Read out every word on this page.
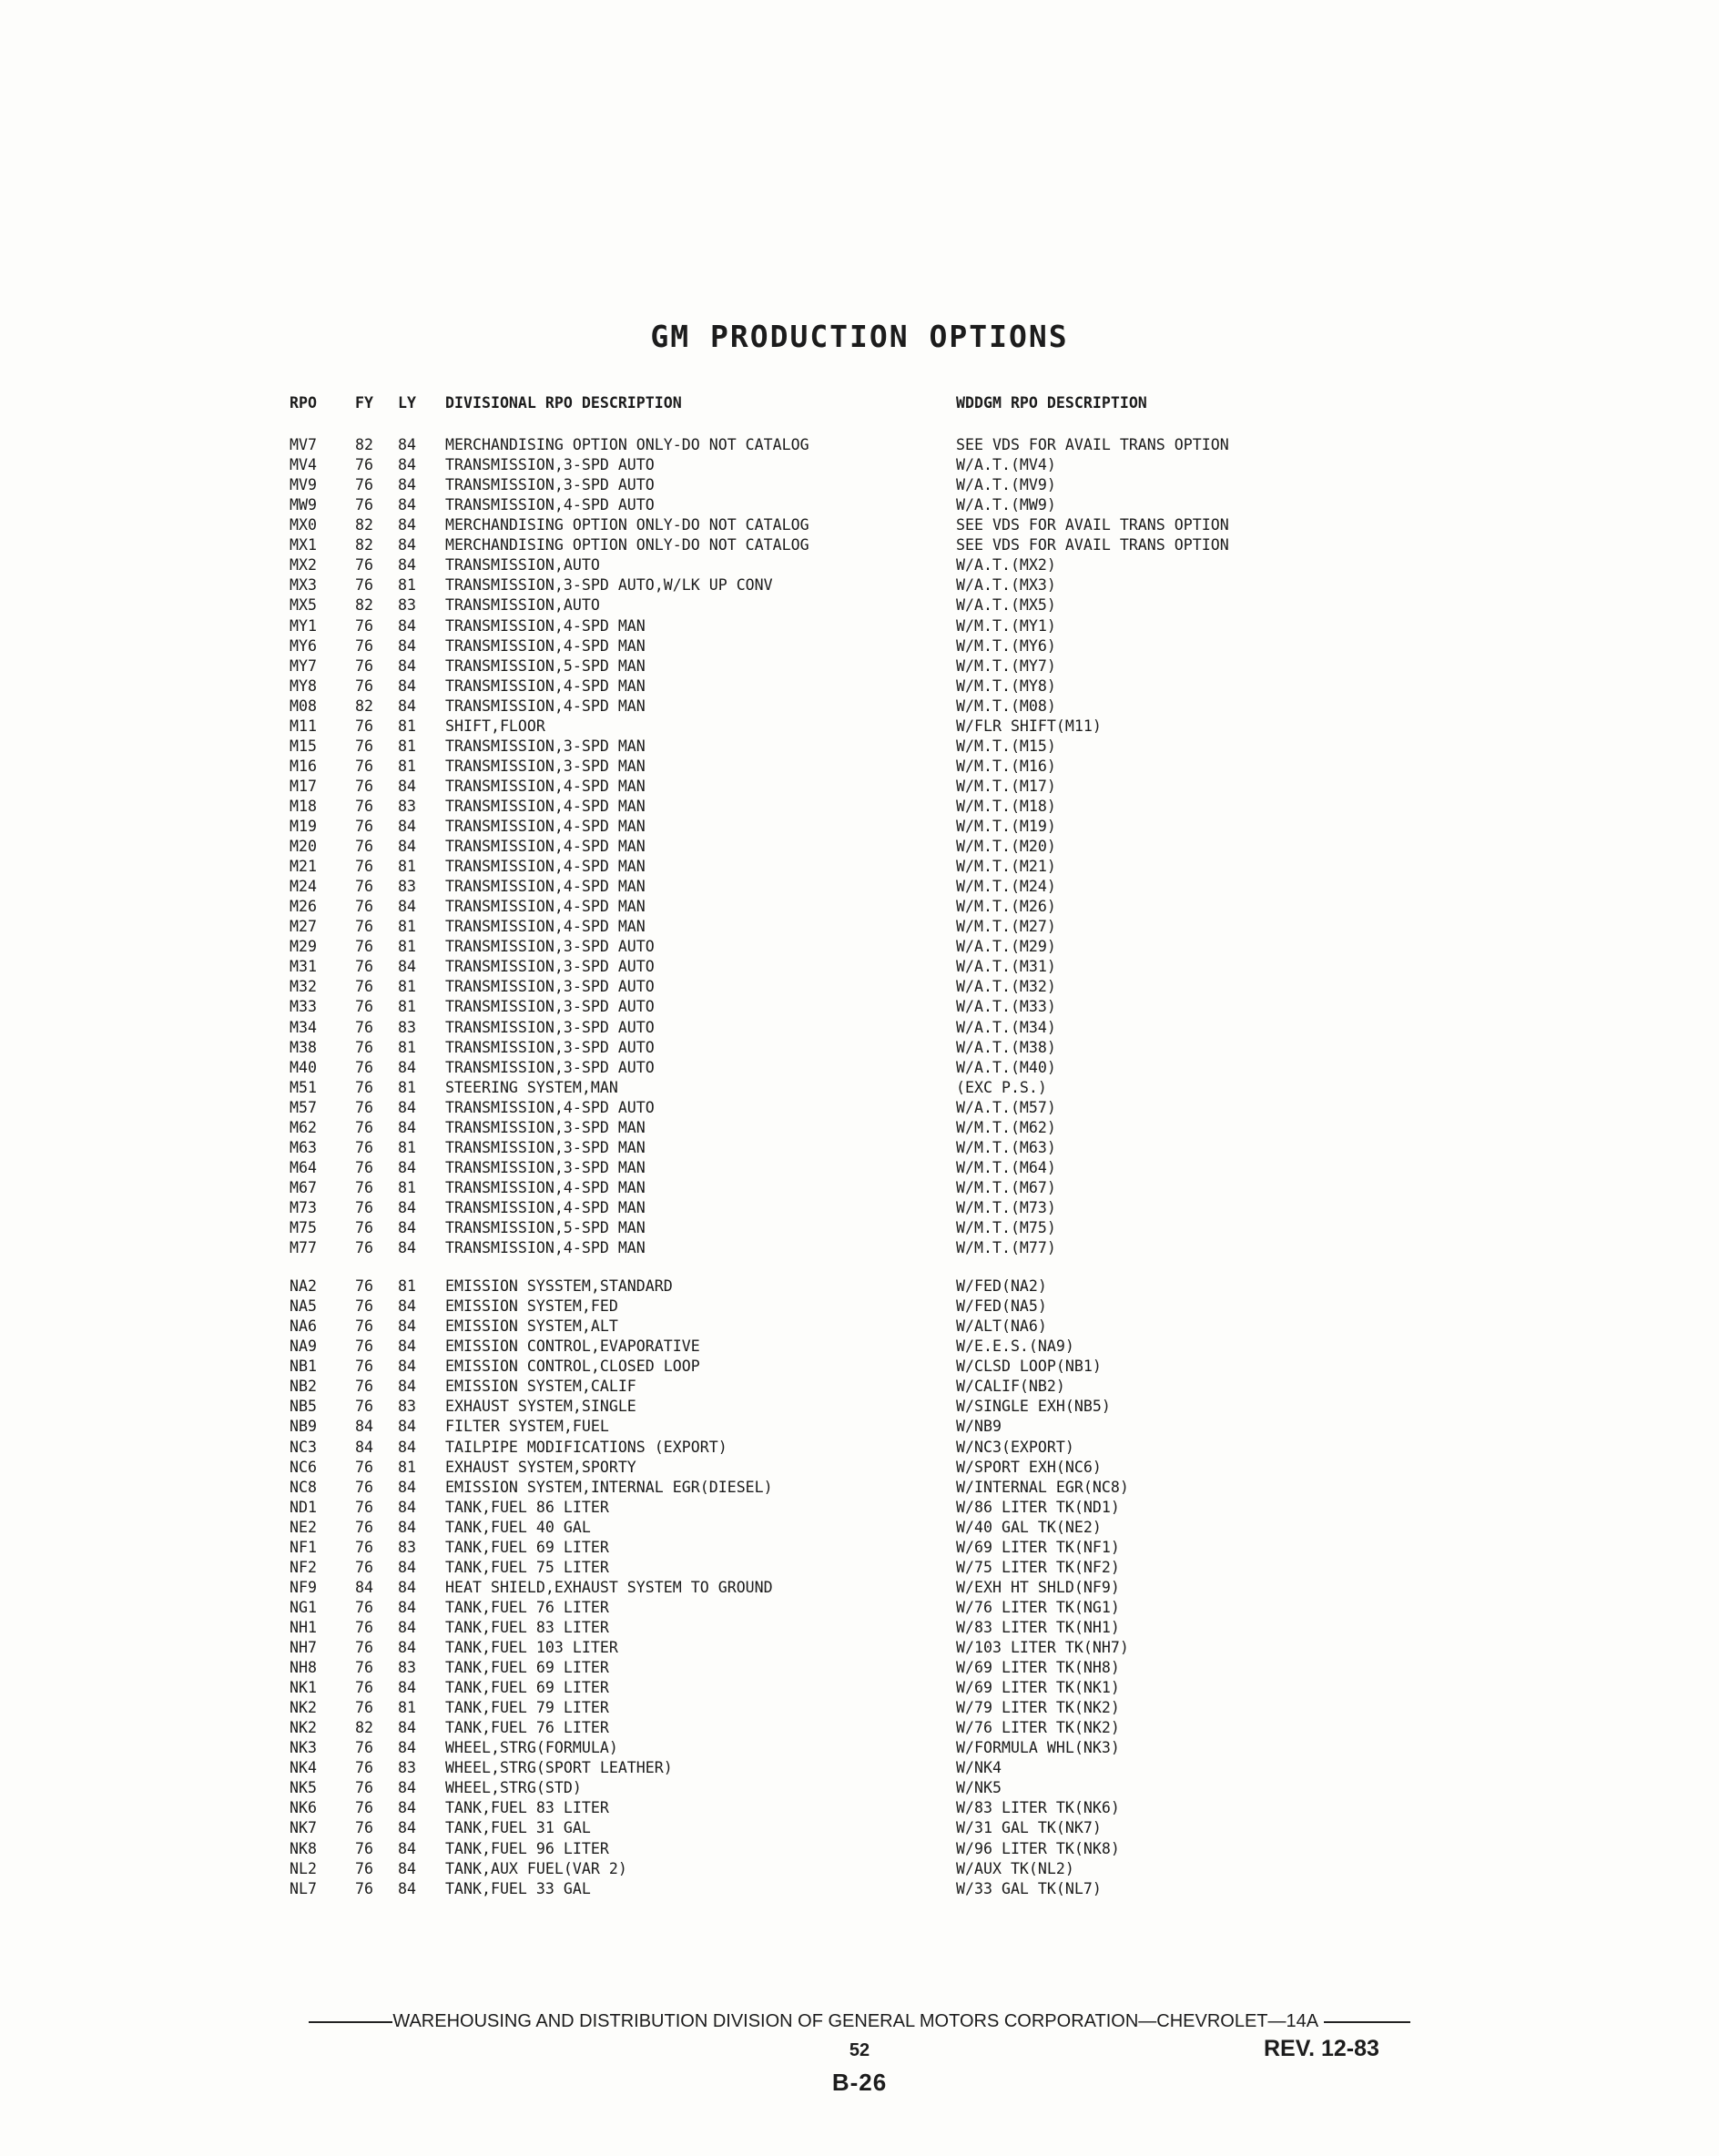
GM PRODUCTION OPTIONS
RPO	FY LY DIVISIONAL RPO DESCRIPTION	WDDGM RPO DESCRIPTION
MV7	82 84 MERCHANDISING OPTION ONLY-DO NOT CATALOG	SEE VDS FOR AVAIL TRANS OPTION
MV4	76 84 TRANSMISSION,3-SPD AUTO	W/A.T.(MV4)
MV9	76 84 TRANSMISSION,3-SPD AUTO	W/A.T.(MV9)
MW9	76 84 TRANSMISSION,4-SPD AUTO	W/A.T.(MW9)
MX0	82 84 MERCHANDISING OPTION ONLY-DO NOT CATALOG	SEE VDS FOR AVAIL TRANS OPTION
MX1	82 84 MERCHANDISING OPTION ONLY-DO NOT CATALOG	SEE VDS FOR AVAIL TRANS OPTION
MX2	76 84 TRANSMISSION,AUTO	W/A.T.(MX2)
MX3	76 81 TRANSMISSION,3-SPD AUTO,W/LK UP CONV	W/A.T.(MX3)
MX5	82 83 TRANSMISSION,AUTO	W/A.T.(MX5)
MY1	76 84 TRANSMISSION,4-SPD MAN	W/M.T.(MY1)
MY6	76 84 TRANSMISSION,4-SPD MAN	W/M.T.(MY6)
MY7	76 84 TRANSMISSION,5-SPD MAN	W/M.T.(MY7)
MY8	76 84 TRANSMISSION,4-SPD MAN	W/M.T.(MY8)
M08	82 84 TRANSMISSION,4-SPD MAN	W/M.T.(M08)
M11	76 81 SHIFT,FLOOR	W/FLR SHIFT(M11)
M15	76 81 TRANSMISSION,3-SPD MAN	W/M.T.(M15)
M16	76 81 TRANSMISSION,3-SPD MAN	W/M.T.(M16)
M17	76 84 TRANSMISSION,4-SPD MAN	W/M.T.(M17)
M18	76 83 TRANSMISSION,4-SPD MAN	W/M.T.(M18)
M19	76 84 TRANSMISSION,4-SPD MAN	W/M.T.(M19)
M20	76 84 TRANSMISSION,4-SPD MAN	W/M.T.(M20)
M21	76 81 TRANSMISSION,4-SPD MAN	W/M.T.(M21)
M24	76 83 TRANSMISSION,4-SPD MAN	W/M.T.(M24)
M26	76 84 TRANSMISSION,4-SPD MAN	W/M.T.(M26)
M27	76 81 TRANSMISSION,4-SPD MAN	W/M.T.(M27)
M29	76 81 TRANSMISSION,3-SPD AUTO	W/A.T.(M29)
M31	76 84 TRANSMISSION,3-SPD AUTO	W/A.T.(M31)
M32	76 81 TRANSMISSION,3-SPD AUTO	W/A.T.(M32)
M33	76 81 TRANSMISSION,3-SPD AUTO	W/A.T.(M33)
M34	76 83 TRANSMISSION,3-SPD AUTO	W/A.T.(M34)
M38	76 81 TRANSMISSION,3-SPD AUTO	W/A.T.(M38)
M40	76 84 TRANSMISSION,3-SPD AUTO	W/A.T.(M40)
M51	76 81 STEERING SYSTEM,MAN	(EXC P.S.)
M57	76 84 TRANSMISSION,4-SPD AUTO	W/A.T.(M57)
M62	76 84 TRANSMISSION,3-SPD MAN	W/M.T.(M62)
M63	76 81 TRANSMISSION,3-SPD MAN	W/M.T.(M63)
M64	76 84 TRANSMISSION,3-SPD MAN	W/M.T.(M64)
M67	76 81 TRANSMISSION,4-SPD MAN	W/M.T.(M67)
M73	76 84 TRANSMISSION,4-SPD MAN	W/M.T.(M73)
M75	76 84 TRANSMISSION,5-SPD MAN	W/M.T.(M75)
M77	76 84 TRANSMISSION,4-SPD MAN	W/M.T.(M77)
NA2	76 81 EMISSION SYSSTEM,STANDARD	W/FED(NA2)
NA5	76 84 EMISSION SYSTEM,FED	W/FED(NA5)
NA6	76 84 EMISSION SYSTEM,ALT	W/ALT(NA6)
NA9	76 84 EMISSION CONTROL,EVAPORATIVE	W/E.E.S.(NA9)
NB1	76 84 EMISSION CONTROL,CLOSED LOOP	W/CLSD LOOP(NB1)
NB2	76 84 EMISSION SYSTEM,CALIF	W/CALIF(NB2)
NB5	76 83 EXHAUST SYSTEM,SINGLE	W/SINGLE EXH(NB5)
NB9	84 84 FILTER SYSTEM,FUEL	W/NB9
NC3	84 84 TAILPIPE MODIFICATIONS (EXPORT)	W/NC3(EXPORT)
NC6	76 81 EXHAUST SYSTEM,SPORTY	W/SPORT EXH(NC6)
NC8	76 84 EMISSION SYSTEM,INTERNAL EGR(DIESEL)	W/INTERNAL EGR(NC8)
ND1	76 84 TANK,FUEL 86 LITER	W/86 LITER TK(ND1)
NE2	76 84 TANK,FUEL 40 GAL	W/40 GAL TK(NE2)
NF1	76 83 TANK,FUEL 69 LITER	W/69 LITER TK(NF1)
NF2	76 84 TANK,FUEL 75 LITER	W/75 LITER TK(NF2)
NF9	84 84 HEAT SHIELD,EXHAUST SYSTEM TO GROUND	W/EXH HT SHLD(NF9)
NG1	76 84 TANK,FUEL 76 LITER	W/76 LITER TK(NG1)
NH1	76 84 TANK,FUEL 83 LITER	W/83 LITER TK(NH1)
NH7	76 84 TANK,FUEL 103 LITER	W/103 LITER TK(NH7)
NH8	76 83 TANK,FUEL 69 LITER	W/69 LITER TK(NH8)
NK1	76 84 TANK,FUEL 69 LITER	W/69 LITER TK(NK1)
NK2	76 81 TANK,FUEL 79 LITER	W/79 LITER TK(NK2)
NK2	82 84 TANK,FUEL 76 LITER	W/76 LITER TK(NK2)
NK3	76 84 WHEEL,STRG(FORMULA)	W/FORMULA WHL(NK3)
NK4	76 83 WHEEL,STRG(SPORT LEATHER)	W/NK4
NK5	76 84 WHEEL,STRG(STD)	W/NK5
NK6	76 84 TANK,FUEL 83 LITER	W/83 LITER TK(NK6)
NK7	76 84 TANK,FUEL 31 GAL	W/31 GAL TK(NK7)
NK8	76 84 TANK,FUEL 96 LITER	W/96 LITER TK(NK8)
NL2	76 84 TANK,AUX FUEL(VAR 2)	W/AUX TK(NL2)
NL7	76 84 TANK,FUEL 33 GAL	W/33 GAL TK(NL7)
WAREHOUSING AND DISTRIBUTION DIVISION OF GENERAL MOTORS CORPORATION—CHEVROLET—14A
52	REV. 12-83
B-26
